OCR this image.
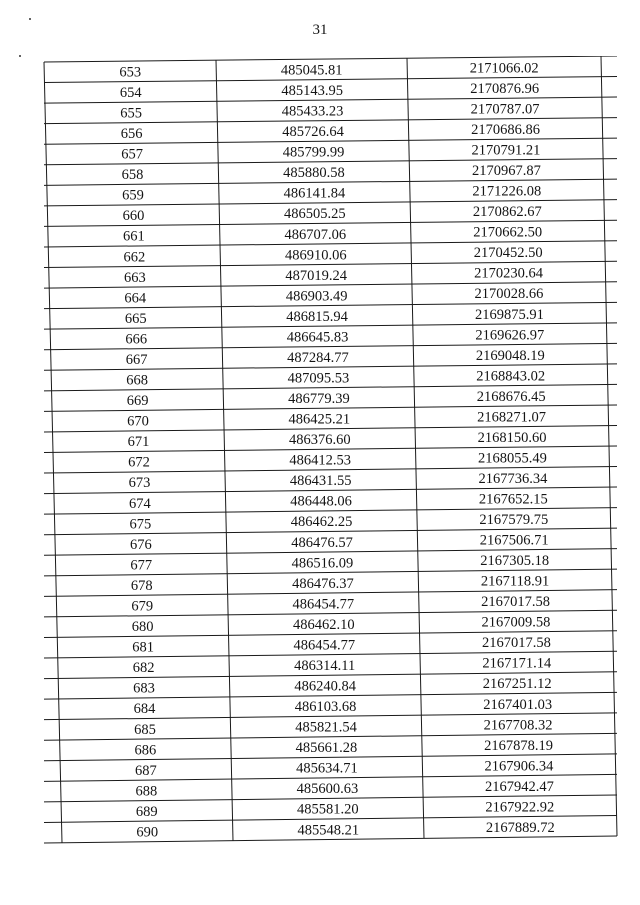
31
653	485045.81	2171066.02
654	485143.95	2170876.96
655	485433.23	2170787.07
656	485726.64	2170686.86
657	485799.99	2170791.21
658	485880.58	2170967.87
659	486141.84	2171226.08
660	486505.25	2170862.67
661	486707.06	2170662.50
662	486910.06	2170452.50
663	487019.24	2170230.64
664	486903.49	2170028.66
665	486815.94	2169875.91
666	486645.83	2169626.97
667	487284.77	2169048.19
668	487095.53	2168843.02
669	486779.39	2168676.45
670	486425.21	2168271.07
671	486376.60	2168150.60
672	486412.53	2168055.49
673	486431.55	2167736.34
674	486448.06	2167652.15
675	486462.25	2167579.75
676	486476.57	2167506.71
677	486516.09	2167305.18
678	486476.37	2167118.91
679	486454.77	2167017.58
680	486462.10	2167009.58
681	486454.77	2167017.58
682	486314.11	2167171.14
683	486240.84	2167251.12
684	486103.68	2167401.03
685	485821.54	2167708.32
686	485661.28	2167878.19
687	485634.71	2167906.34
688	485600.63	2167942.47
689	485581.20	2167922.92
690	485548.21	2167889.72
